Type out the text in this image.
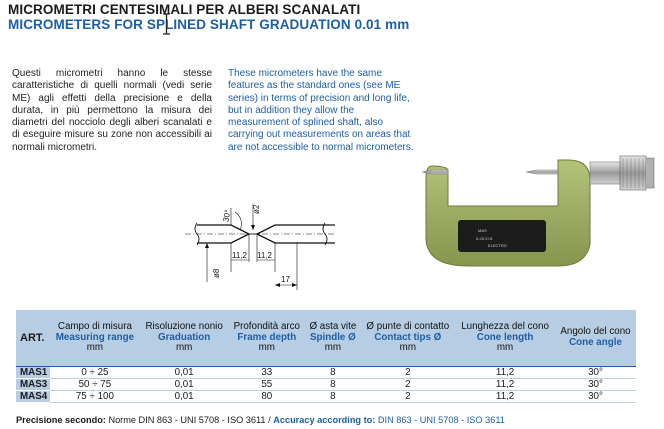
MICROMETRI CENTESIMALI PER ALBERI SCANALATI
MICROMETERS FOR SPLINED SHAFT GRADUATION 0.01 mm
Questi micrometri hanno le stesse caratteristiche di quelli normali (vedi serie ME) agli effetti della precisione e della durata, in più permettono la misura dei diametri del nocciolo degli alberi scanalati e di eseguire misure su zone non accessibili ai normali micrometri.
These micrometers have the same features as the standard ones (see ME series) in terms of precision and long life, but in addition they allow the measurement of splined shaft, also carrying out measurements on areas that are not accessible to normal micrometers.
30° ø2
ø8
11,2 11,2
17
MAS
0-25 0.01
ELECTRO
ART.	Campo di misura
Measuring range
mm	Risoluzione nonio
Graduation
mm	Profondità arco
Frame depth
mm	Ø asta vite
Spindle Ø
mm	Ø punte di contatto
Contact tips Ø
mm	Lunghezza del cono
Cone length
mm	Angolo del cono
Cone angle

MAS1	0 ÷ 25	0,01	33	8	2	11,2	30°
MAS3	50 ÷ 75	0,01	55	8	2	11,2	30°
MAS4	75 ÷ 100	0,01	80	8	2	11,2	30°
Precisione secondo: Norme DIN 863 - UNI 5708 - ISO 3611 / Accuracy according to: DIN 863 - UNI 5708 - ISO 3611
